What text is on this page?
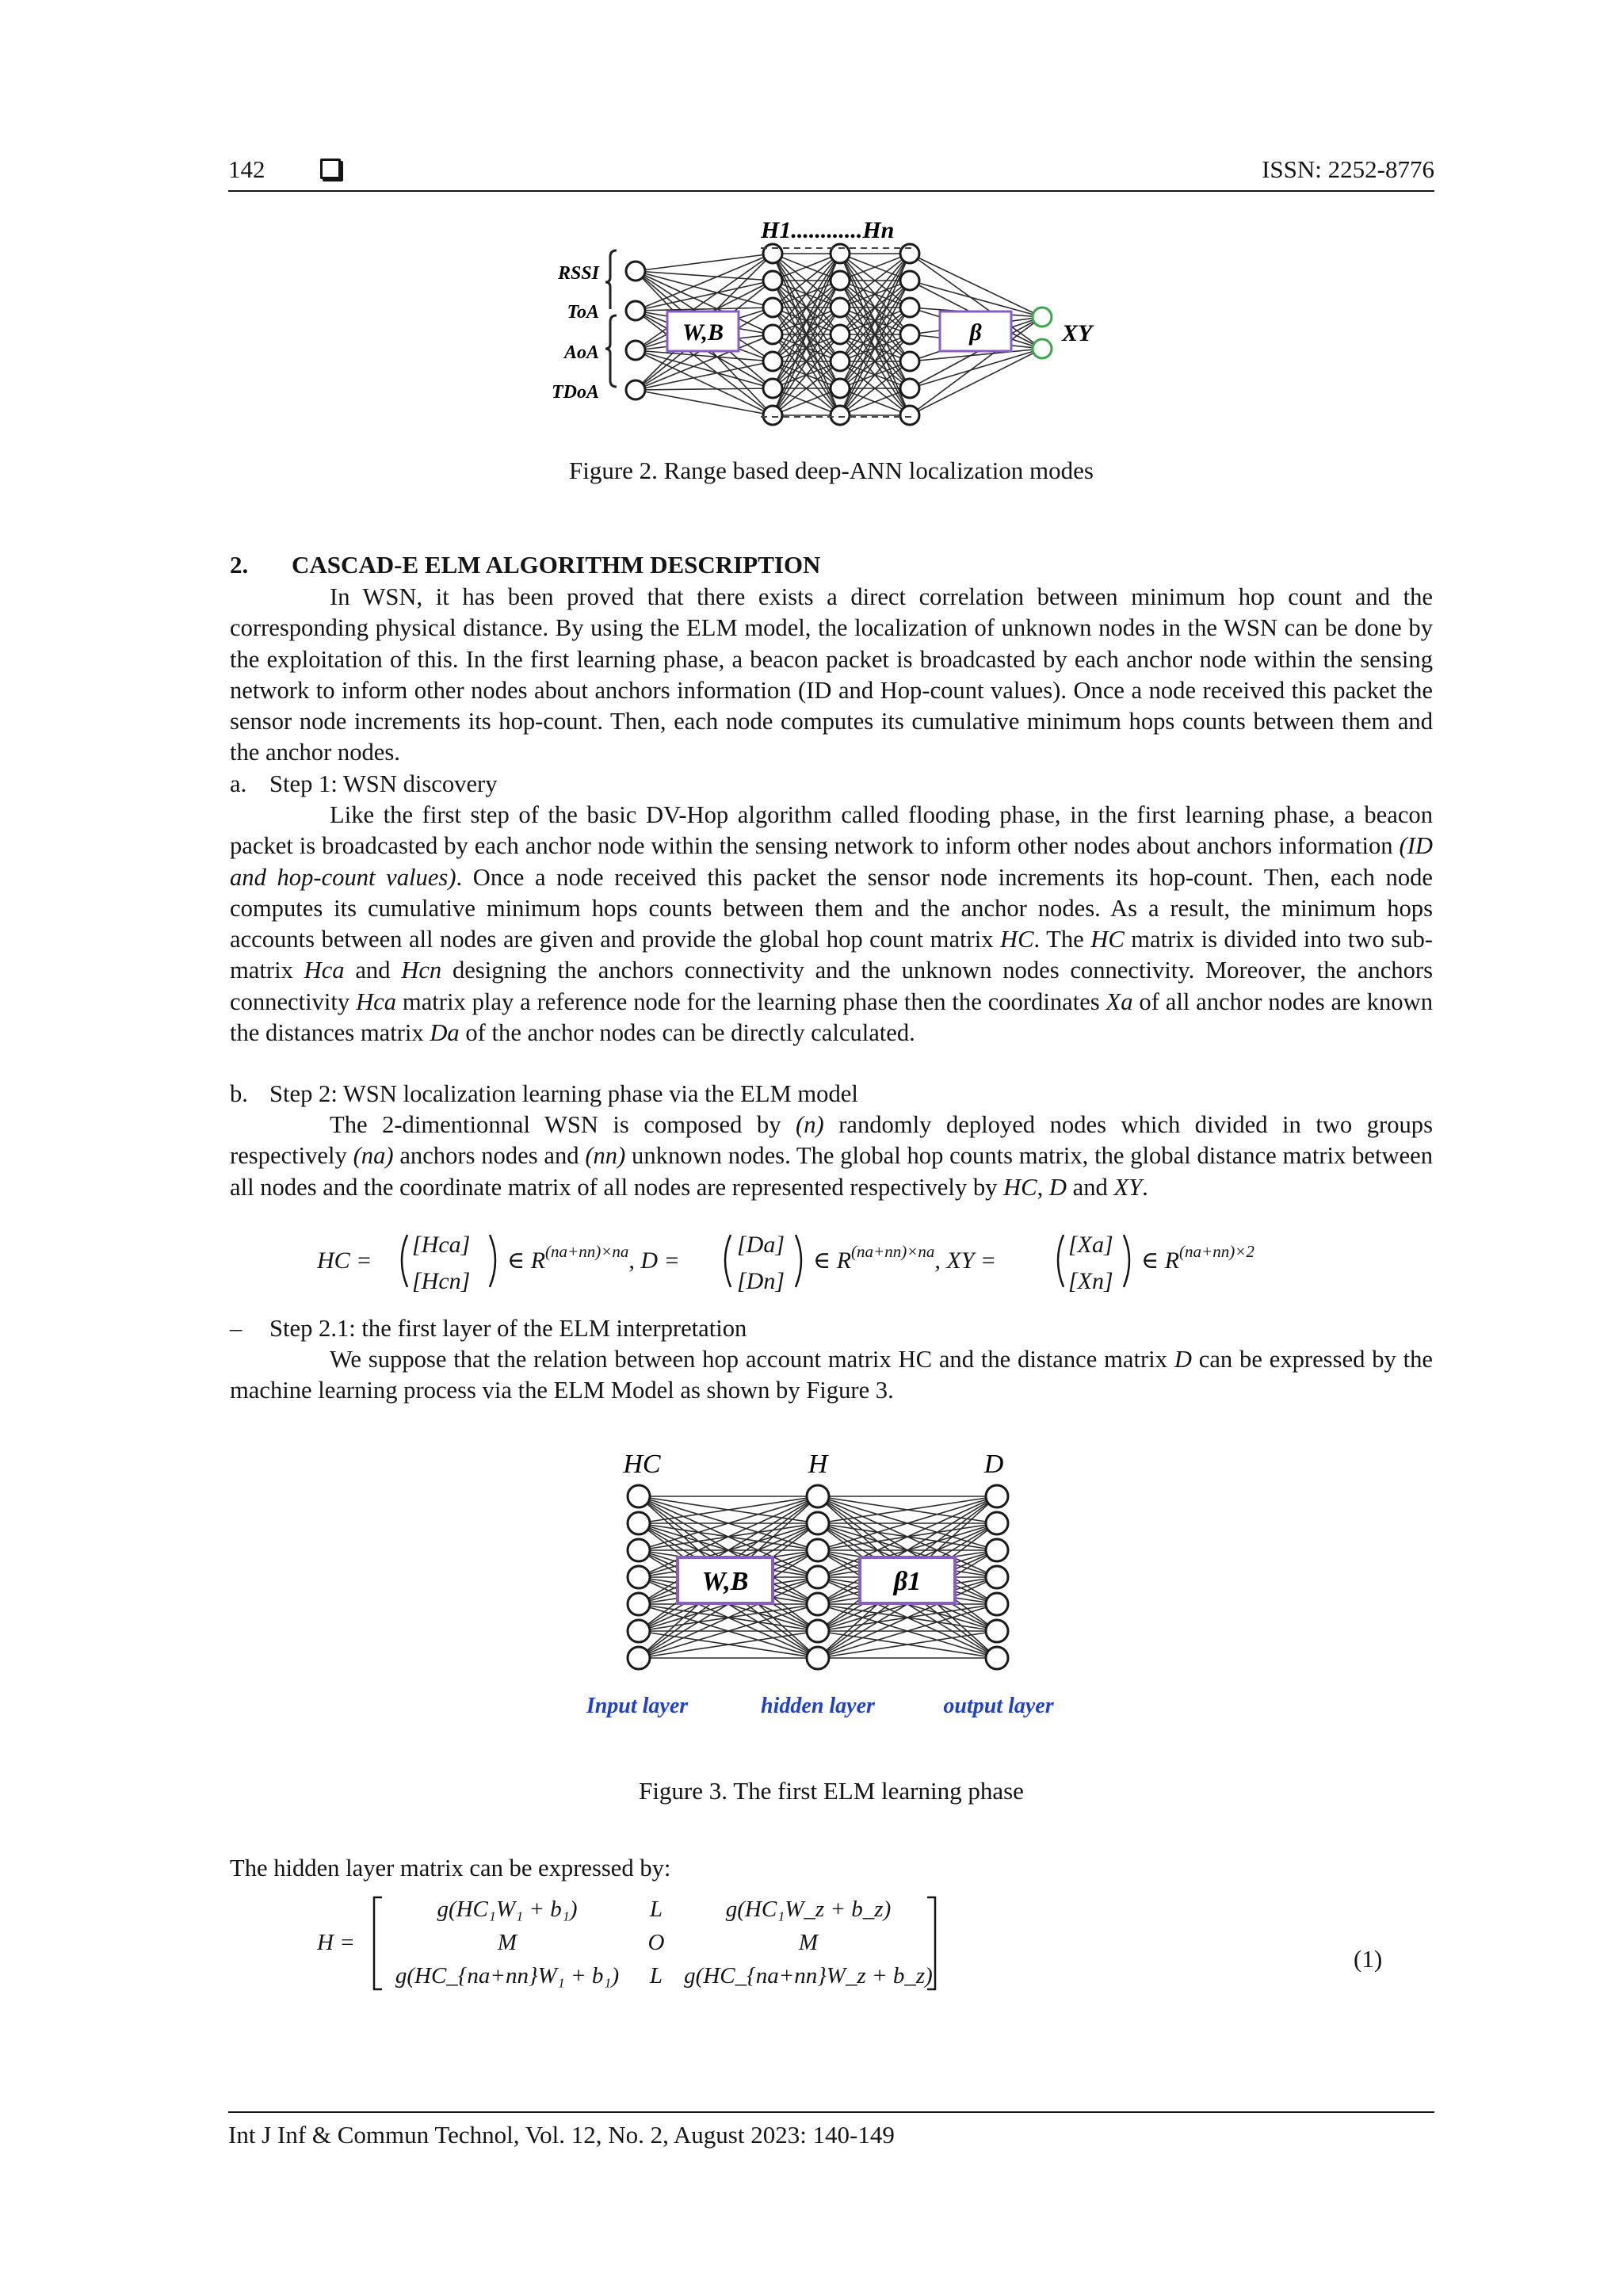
142	ISSN: 2252-8776
W,B	β
H1............Hn
RSSI
ToA
AoA
TDoA
XY
Figure 2. Range based deep-ANN localization modes
2. CASCAD-E ELM ALGORITHM DESCRIPTION

In WSN, it has been proved that there exists a direct correlation between minimum hop count and the corresponding physical distance. By using the ELM model, the localization of unknown nodes in the WSN can be done by the exploitation of this. In the first learning phase, a beacon packet is broadcasted by each anchor node within the sensing network to inform other nodes about anchors information (ID and Hop-count values). Once a node received this packet the sensor node increments its hop-count. Then, each node computes its cumulative minimum hops counts between them and the anchor nodes.

a. Step 1: WSN discovery

Like the first step of the basic DV-Hop algorithm called flooding phase, in the first learning phase, a beacon packet is broadcasted by each anchor node within the sensing network to inform other nodes about anchors information (ID and hop-count values). Once a node received this packet the sensor node increments its hop-count. Then, each node computes its cumulative minimum hops counts between them and the anchor nodes. As a result, the minimum hops accounts between all nodes are given and provide the global hop count matrix HC. The HC matrix is divided into two sub-matrix Hca and Hcn designing the anchors connectivity and the unknown nodes connectivity. Moreover, the anchors connectivity Hca matrix play a reference node for the learning phase then the coordinates Xa of all anchor nodes are known the distances matrix Da of the anchor nodes can be directly calculated.

b. Step 2: WSN localization learning phase via the ELM model

The 2-dimentionnal WSN is composed by (n) randomly deployed nodes which divided in two groups respectively (na) anchors nodes and (nn) unknown nodes. The global hop counts matrix, the global distance matrix between all nodes and the coordinate matrix of all nodes are represented respectively by HC, D and XY.

HC =
[Hca]
[Hcn]
∈ $R^{(na+nn)\times na}$, D =
[Da]
[Dn]
∈ $R^{(na+nn)\times na}$, XY =
[Xa]
[Xn]
∈ $R^{(na+nn)\times 2}$
– Step 2.1: the first layer of the ELM interpretation

We suppose that the relation between hop account matrix HC and the distance matrix D can be expressed by the machine learning process via the ELM Model as shown by Figure 3.

W,B	β1
HC	H	D
Input layer	hidden layer	output layer
Figure 3. The first ELM learning phase
The hidden layer matrix can be expressed by:
H =
g(HC₁W₁ + b₁)	L	g(HC₁W_z + b_z)
M	O	M
g(HC_{na+nn}W₁ + b₁) L g(HC_{na+nn}W_z + b_z)
(1)
Int J Inf & Commun Technol, Vol. 12, No. 2, August 2023: 140-149
